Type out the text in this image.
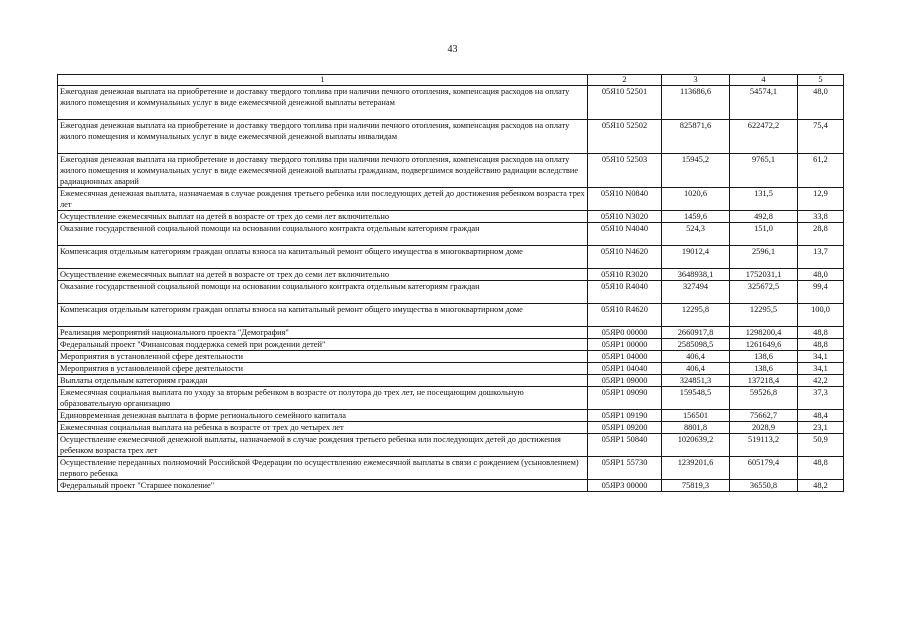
43
1	2	3	4	5
Ежегодная денежная выплата на приобретение и доставку твердого топлива при наличии печного отопления, компенсация расходов на оплату жилого помещения и коммунальных услуг в виде ежемесячной денежной выплаты ветеранам	05Я10 52501	113686,6	54574,1	48,0
Ежегодная денежная выплата на приобретение и доставку твердого топлива при наличии печного отопления, компенсация расходов на оплату жилого помещения и коммунальных услуг в виде ежемесячной денежной выплаты инвалидам	05Я10 52502	825871,6	622472,2	75,4
Ежегодная денежная выплата на приобретение и доставку твердого топлива при наличии печного отопления, компенсация расходов на оплату жилого помещения и коммунальных услуг в виде ежемесячной денежной выплаты гражданам, подвергшимся воздействию радиации вследствие радиационных аварий	05Я10 52503	15945,2	9765,1	61,2
Ежемесячная денежная выплата, назначаемая в случае рождения третьего ребенка или последующих детей до достижения ребенком возраста трех лет	05Я10 N0840	1020,6	131,5	12,9
Осуществление ежемесячных выплат на детей в возрасте от трех до семи лет включительно	05Я10 N3020	1459,6	492,8	33,8
Оказание государственной социальной помощи на основании социального контракта отдельным категориям граждан	05Я10 N4040	524,3	151,0	28,8
Компенсация отдельным категориям граждан оплаты взноса на капитальный ремонт общего имущества в многоквартирном доме	05Я10 N4620	19012,4	2596,1	13,7
Осуществление ежемесячных выплат на детей в возрасте от трех до семи лет включительно	05Я10 R3020	3648938,1	1752031,1	48,0
Оказание государственной социальной помощи на основании социального контракта отдельным категориям граждан	05Я10 R4040	327494	325672,5	99,4
Компенсация отдельным категориям граждан оплаты взноса на капитальный ремонт общего имущества в многоквартирном доме	05Я10 R4620	12295,8	12295,5	100,0
Реализация мероприятий национального проекта "Демография"	05ЯР0 00000	2660917,8	1298200,4	48,8
Федеральный проект "Финансовая поддержка семей при рождении детей"	05ЯР1 00000	2585098,5	1261649,6	48,8
Мероприятия в установленной сфере деятельности	05ЯР1 04000	406,4	138,6	34,1
Мероприятия в установленной сфере деятельности	05ЯР1 04040	406,4	138,6	34,1
Выплаты отдельным категориям граждан	05ЯР1 09000	324851,3	137218,4	42,2
Ежемесячная социальная выплата по уходу за вторым ребенком в возрасте от полутора до трех лет, не посещающим дошкольную образовательную организацию	05ЯР1 09090	159548,5	59526,8	37,3
Единовременная денежная выплата в форме регионального семейного капитала	05ЯР1 09190	156501	75662,7	48,4
Ежемесячная социальная выплата на ребенка в возрасте от трех до четырех лет	05ЯР1 09200	8801,8	2028,9	23,1
Осуществление ежемесячной денежной выплаты, назначаемой в случае рождения третьего ребенка или последующих детей до достижения ребенком возраста трех лет	05ЯР1 50840	1020639,2	519113,2	50,9
Осуществление переданных полномочий Российской Федерации по осуществлению ежемесячной выплаты в связи с рождением (усыновлением) первого ребенка	05ЯР1 55730	1239201,6	605179,4	48,8
Федеральный проект "Старшее поколение"	05ЯР3 00000	75819,3	36550,8	48,2
